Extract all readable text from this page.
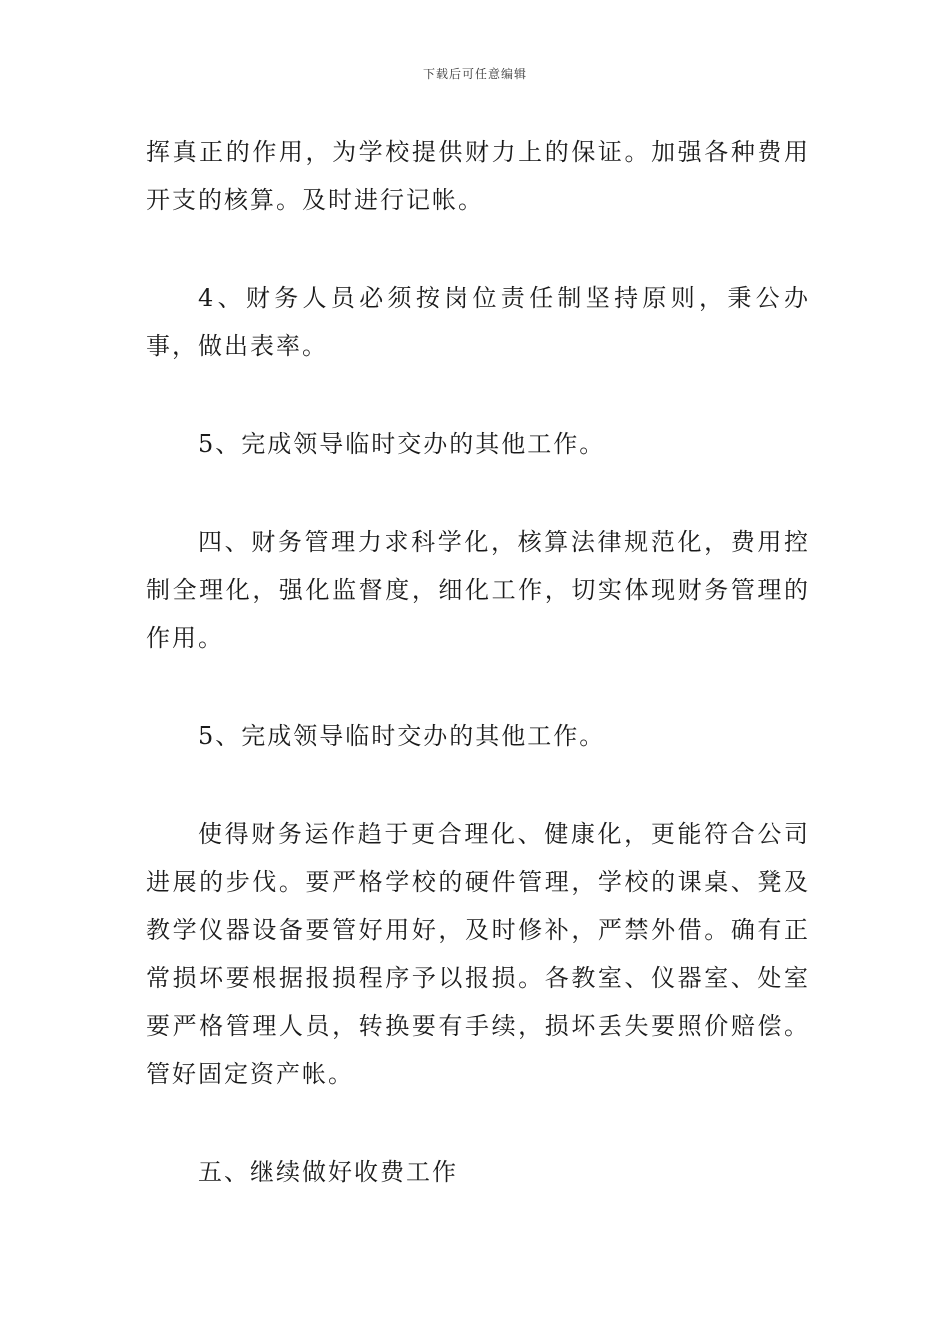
下载后可任意编辑

挥真正的作用，为学校提供财力上的保证。加强各种费用开支的核算。及时进行记帐。

4、财务人员必须按岗位责任制坚持原则，秉公办事，做出表率。

5、完成领导临时交办的其他工作。

四、财务管理力求科学化，核算法律规范化，费用控制全理化，强化监督度，细化工作，切实体现财务管理的作用。

5、完成领导临时交办的其他工作。

使得财务运作趋于更合理化、健康化，更能符合公司进展的步伐。要严格学校的硬件管理，学校的课桌、凳及教学仪器设备要管好用好，及时修补，严禁外借。确有正常损坏要根据报损程序予以报损。各教室、仪器室、处室要严格管理人员，转换要有手续，损坏丢失要照价赔偿。管好固定资产帐。

五、继续做好收费工作
